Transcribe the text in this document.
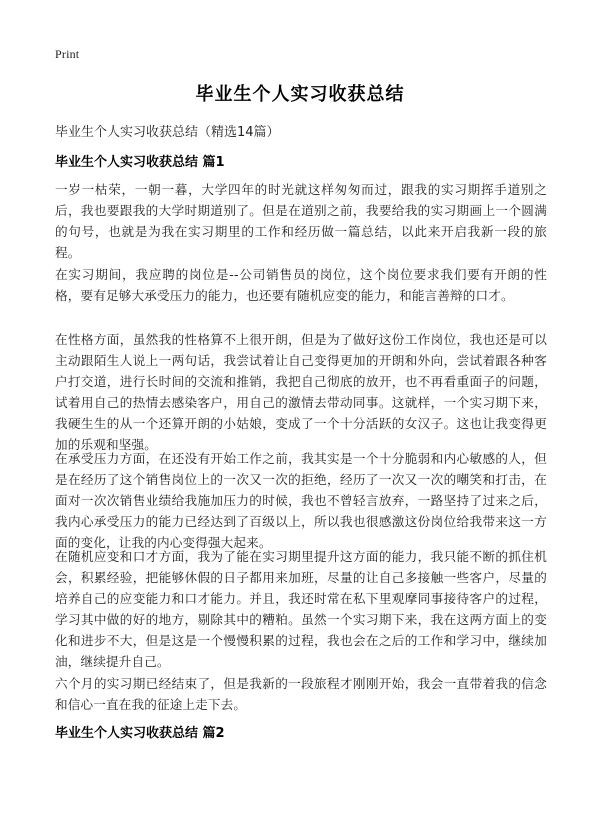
Print
毕业生个人实习收获总结
毕业生个人实习收获总结（精选14篇）
毕业生个人实习收获总结 篇1

一岁一枯荣，一朝一暮，大学四年的时光就这样匆匆而过，跟我的实习期挥手道别之后，我也要跟我的大学时期道别了。但是在道别之前，我要给我的实习期画上一个圆满的句号，也就是为我在实习期里的工作和经历做一篇总结，以此来开启我新一段的旅程。

在实习期间，我应聘的岗位是--公司销售员的岗位，这个岗位要求我们要有开朗的性格，要有足够大承受压力的能力，也还要有随机应变的能力，和能言善辩的口才。

在性格方面，虽然我的性格算不上很开朗，但是为了做好这份工作岗位，我也还是可以主动跟陌生人说上一两句话，我尝试着让自己变得更加的开朗和外向，尝试着跟各种客户打交道，进行长时间的交流和推销，我把自己彻底的放开，也不再看重面子的问题，试着用自己的热情去感染客户，用自己的激情去带动同事。这就样，一个实习期下来，我硬生生的从一个还算开朗的小姑娘，变成了一个十分活跃的女汉子。这也让我变得更加的乐观和坚强。

在承受压力方面，在还没有开始工作之前，我其实是一个十分脆弱和内心敏感的人，但是在经历了这个销售岗位上的一次又一次的拒绝，经历了一次又一次的嘲笑和打击，在面对一次次销售业绩给我施加压力的时候，我也不曾轻言放弃，一路坚持了过来之后，我内心承受压力的能力已经达到了百级以上，所以我也很感激这份岗位给我带来这一方面的变化，让我的内心变得强大起来。

在随机应变和口才方面，我为了能在实习期里提升这方面的能力，我只能不断的抓住机会，积累经验，把能够休假的日子都用来加班，尽量的让自己多接触一些客户，尽量的培养自己的应变能力和口才能力。并且，我还时常在私下里观摩同事接待客户的过程，学习其中做的好的地方，剔除其中的糟粕。虽然一个实习期下来，我在这两方面上的变化和进步不大，但是这是一个慢慢积累的过程，我也会在之后的工作和学习中，继续加油，继续提升自己。

六个月的实习期已经结束了，但是我新的一段旅程才刚刚开始，我会一直带着我的信念和信心一直在我的征途上走下去。

毕业生个人实习收获总结 篇2
